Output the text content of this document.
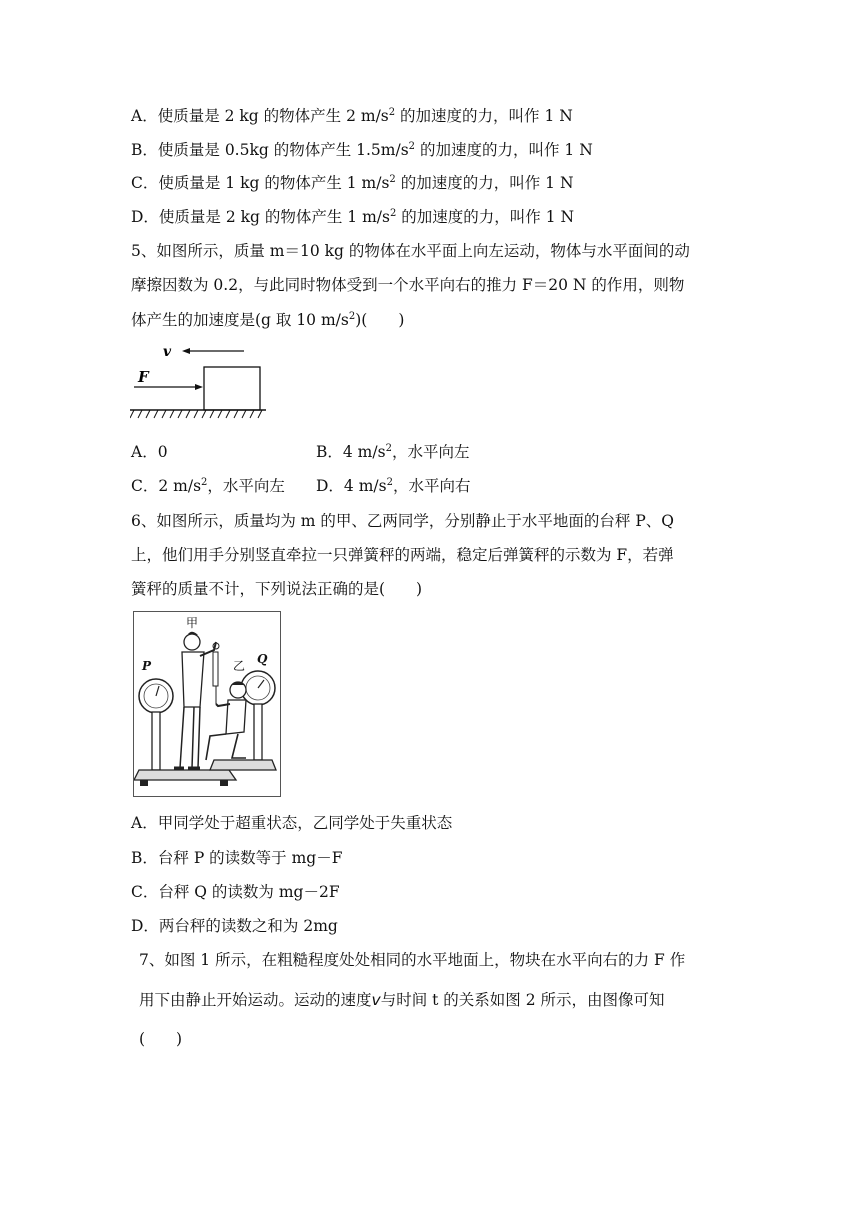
A．使质量是 2 kg 的物体产生 2 $m/s^2$ 的加速度的力，叫作 1 N
B．使质量是 0.5kg 的物体产生 $1.5m/s^2$ 的加速度的力，叫作 1 N
C．使质量是 1 kg 的物体产生 1 $m/s^2$ 的加速度的力，叫作 1 N
D．使质量是 2 kg 的物体产生 1 $m/s^2$ 的加速度的力，叫作 1 N
5、如图所示，质量 m＝10 kg 的物体在水平面上向左运动，物体与水平面间的动
摩擦因数为 0.2，与此同时物体受到一个水平向右的推力 F＝20 N 的作用，则物
体产生的加速度是(g 取 10 $m/s^2$)(　　)
v
F
A．0	B．4 $m/s^2$，水平向左
C．2 $m/s^2$，水平向左 D．4 $m/s^2$，水平向右
6、如图所示，质量均为 m 的甲、乙两同学，分别静止于水平地面的台秤 P、Q
上，他们用手分别竖直牵拉一只弹簧秤的两端，稳定后弹簧秤的示数为 F，若弹
簧秤的质量不计，下列说法正确的是(　　)
甲
乙
P	Q
A．甲同学处于超重状态，乙同学处于失重状态
B．台秤 P 的读数等于 mg－F
C．台秤 Q 的读数为 mg－2F
D．两台秤的读数之和为 2mg
7、如图 1 所示，在粗糙程度处处相同的水平地面上，物块在水平向右的力 F 作
用下由静止开始运动。运动的速度v与时间 t 的关系如图 2 所示，由图像可知
(　　)
